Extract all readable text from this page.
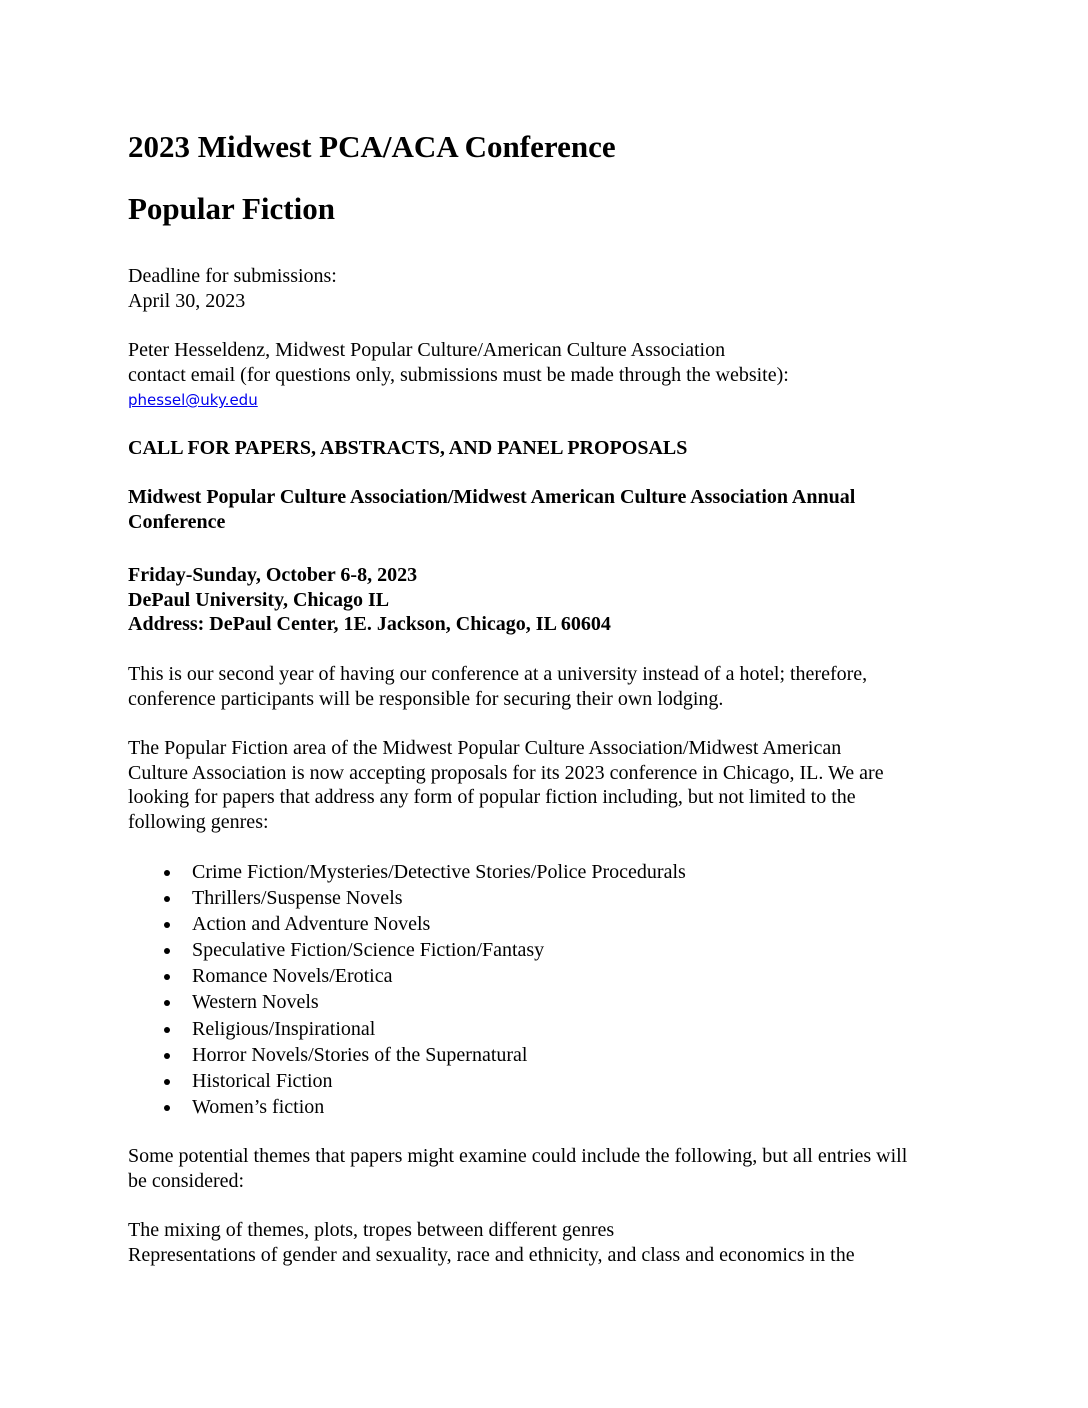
2023 Midwest PCA/ACA Conference
Popular Fiction
Deadline for submissions:
April 30, 2023
Peter Hesseldenz, Midwest Popular Culture/American Culture Association
contact email (for questions only, submissions must be made through the website):
phessel@uky.edu
CALL FOR PAPERS, ABSTRACTS, AND PANEL PROPOSALS
Midwest Popular Culture Association/Midwest American Culture Association Annual
Conference
Friday-Sunday, October 6-8, 2023
DePaul University, Chicago IL
Address: DePaul Center, 1E. Jackson, Chicago, IL 60604
This is our second year of having our conference at a university instead of a hotel; therefore,
conference participants will be responsible for securing their own lodging.
The Popular Fiction area of the Midwest Popular Culture Association/Midwest American
Culture Association is now accepting proposals for its 2023 conference in Chicago, IL. We are
looking for papers that address any form of popular fiction including, but not limited to the
following genres:
Crime Fiction/Mysteries/Detective Stories/Police Procedurals
Thrillers/Suspense Novels
Action and Adventure Novels
Speculative Fiction/Science Fiction/Fantasy
Romance Novels/Erotica
Western Novels
Religious/Inspirational
Horror Novels/Stories of the Supernatural
Historical Fiction
Women’s fiction
Some potential themes that papers might examine could include the following, but all entries will
be considered:
The mixing of themes, plots, tropes between different genres
Representations of gender and sexuality, race and ethnicity, and class and economics in the
